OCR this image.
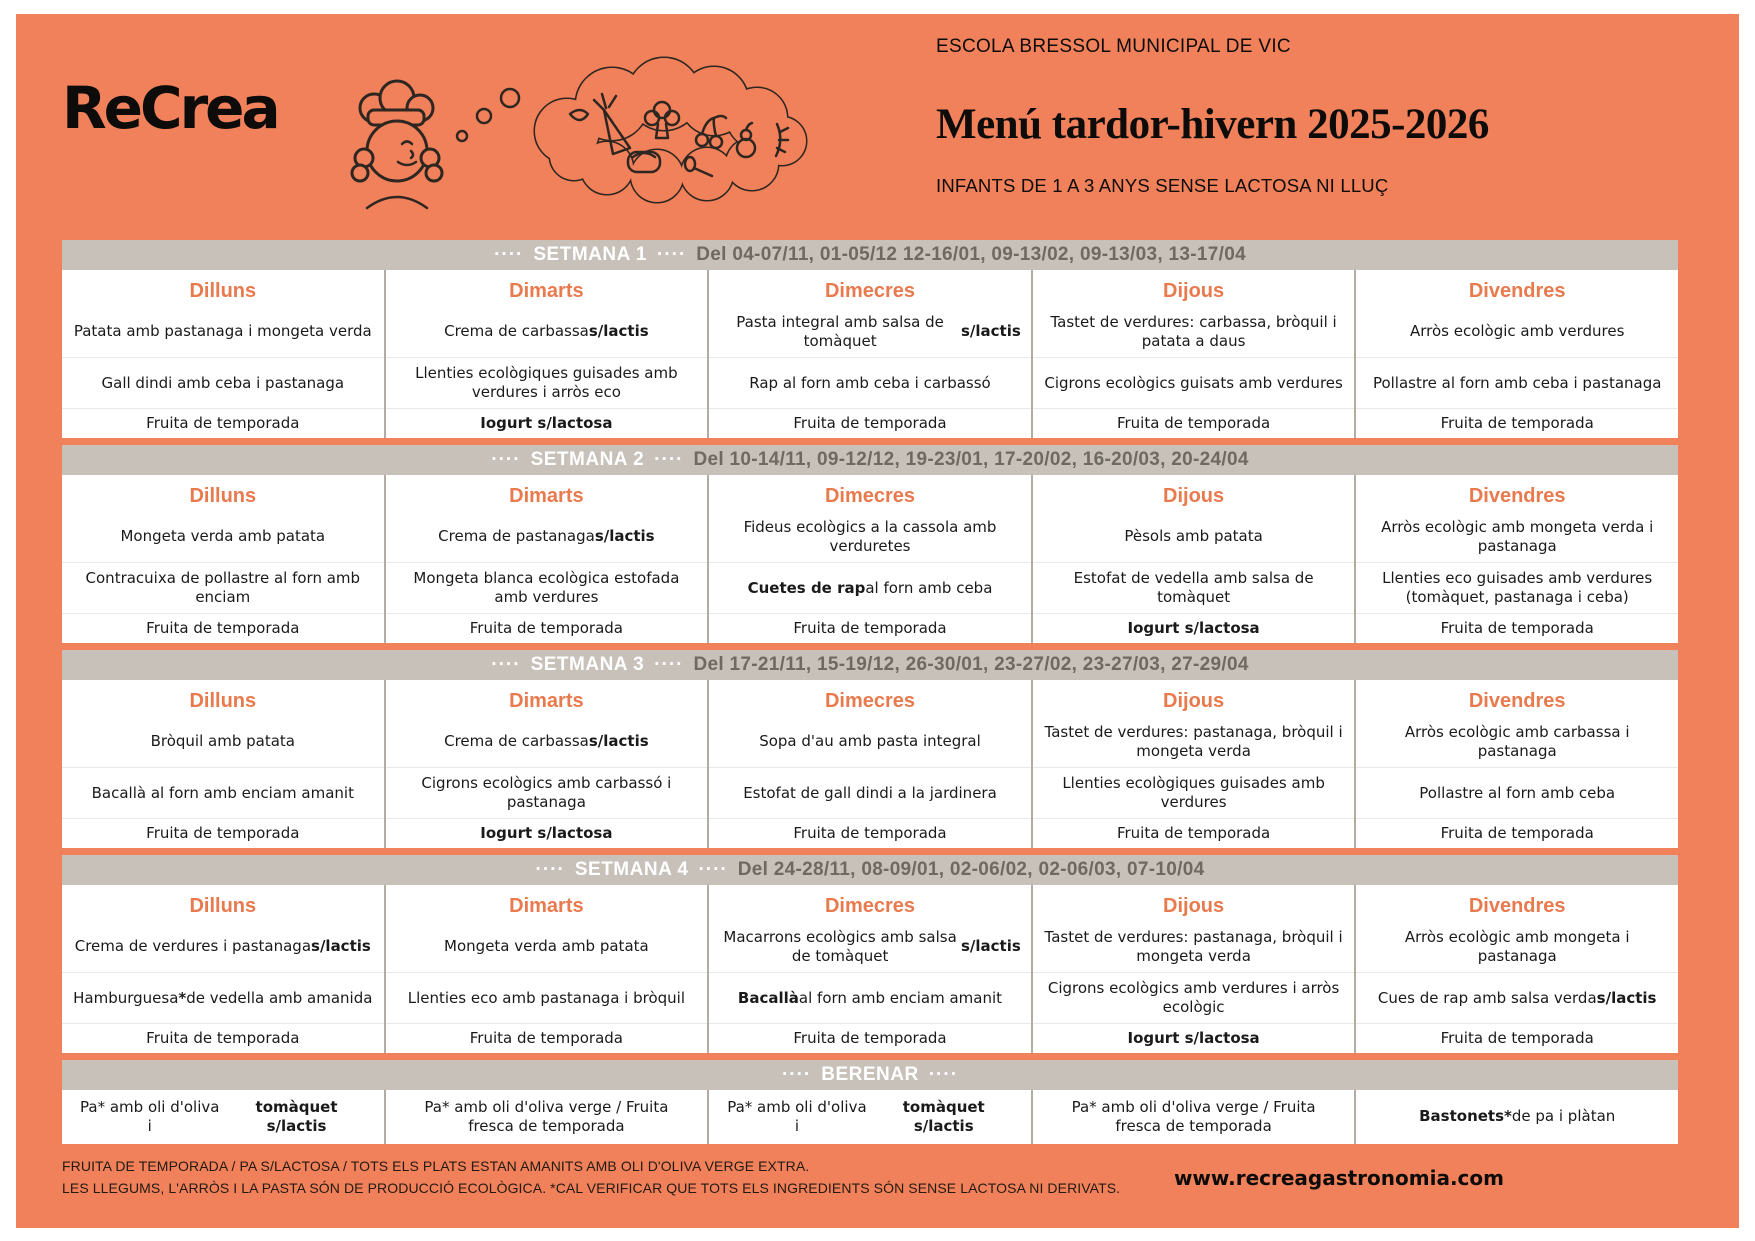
ReCrea
ESCOLA BRESSOL MUNICIPAL DE VIC
Menú tardor-hivern 2025-2026
INFANTS DE 1 A 3 ANYS SENSE LACTOSA NI LLUÇ
···· SETMANA 1 ···· Del 04-07/11, 01-05/12 12-16/01, 09-13/02, 09-13/03, 13-17/04
Dilluns
Patata amb pastanaga i mongeta verda
Gall dindi amb ceba i pastanaga
Fruita de temporada
Dimarts
Crema de carbassa s/lactis
Llenties ecològiques guisades amb verdures i arròs eco
Iogurt s/lactosa
Dimecres
Pasta integral amb salsa de tomàquet
s/lactis
Rap al forn amb ceba i carbassó
Fruita de temporada
Dijous
Tastet de verdures: carbassa, bròquil i patata a daus
Cigrons ecològics guisats amb verdures
Fruita de temporada
Divendres
Arròs ecològic amb verdures
Pollastre al forn amb ceba i pastanaga
Fruita de temporada
···· SETMANA 2 ···· Del 10-14/11, 09-12/12, 19-23/01, 17-20/02, 16-20/03, 20-24/04
Dilluns
Mongeta verda amb patata
Contracuixa de pollastre al forn amb enciam
Fruita de temporada
Dimarts
Crema de pastanaga s/lactis
Mongeta blanca ecològica estofada amb verdures
Fruita de temporada
Dimecres
Fideus ecològics a la cassola amb verduretes
Cuetes de rap al forn amb ceba
Fruita de temporada
Dijous
Pèsols amb patata
Estofat de vedella amb salsa de tomàquet
Iogurt s/lactosa
Divendres
Arròs ecològic amb mongeta verda i pastanaga
Llenties eco guisades amb verdures (tomàquet, pastanaga i ceba)
Fruita de temporada
···· SETMANA 3 ···· Del 17-21/11, 15-19/12, 26-30/01, 23-27/02, 23-27/03, 27-29/04
Dilluns
Bròquil amb patata
Bacallà al forn amb enciam amanit
Fruita de temporada
Dimarts
Crema de carbassa s/lactis
Cigrons ecològics amb carbassó i pastanaga
Iogurt s/lactosa
Dimecres
Sopa d'au amb pasta integral
Estofat de gall dindi a la jardinera
Fruita de temporada
Dijous
Tastet de verdures: pastanaga, bròquil i mongeta verda
Llenties ecològiques guisades amb verdures
Fruita de temporada
Divendres
Arròs ecològic amb carbassa i pastanaga
Pollastre al forn amb ceba
Fruita de temporada
···· SETMANA 4 ···· Del 24-28/11, 08-09/01, 02-06/02, 02-06/03, 07-10/04
Dilluns
Crema de verdures i pastanaga s/lactis
Hamburguesa * de vedella amb amanida
Fruita de temporada
Dimarts
Mongeta verda amb patata
Llenties eco amb pastanaga i bròquil
Fruita de temporada
Dimecres
Macarrons ecològics amb salsa de tomàquet
s/lactis
Bacallà al forn amb enciam amanit
Fruita de temporada
Dijous
Tastet de verdures: pastanaga, bròquil i mongeta verda
Cigrons ecològics amb verdures i arròs ecològic
Iogurt s/lactosa
Divendres
Arròs ecològic amb mongeta i pastanaga
Cues de rap amb salsa verda s/lactis
Fruita de temporada
···· BERENAR ····
Pa* amb oli d'oliva i
tomàquet s/lactis
Pa* amb oli d'oliva verge / Fruita fresca de temporada
Pa* amb oli d'oliva i
tomàquet s/lactis
Pa* amb oli d'oliva verge / Fruita fresca de temporada
Bastonets* de pa i plàtan
FRUITA DE TEMPORADA / PA S/LACTOSA / TOTS ELS PLATS ESTAN AMANITS AMB OLI D'OLIVA VERGE EXTRA.
LES LLEGUMS, L'ARRÒS I LA PASTA SÓN DE PRODUCCIÓ ECOLÒGICA. *CAL VERIFICAR QUE TOTS ELS INGREDIENTS SÓN SENSE LACTOSA NI DERIVATS.	www.recreagastronomia.com
